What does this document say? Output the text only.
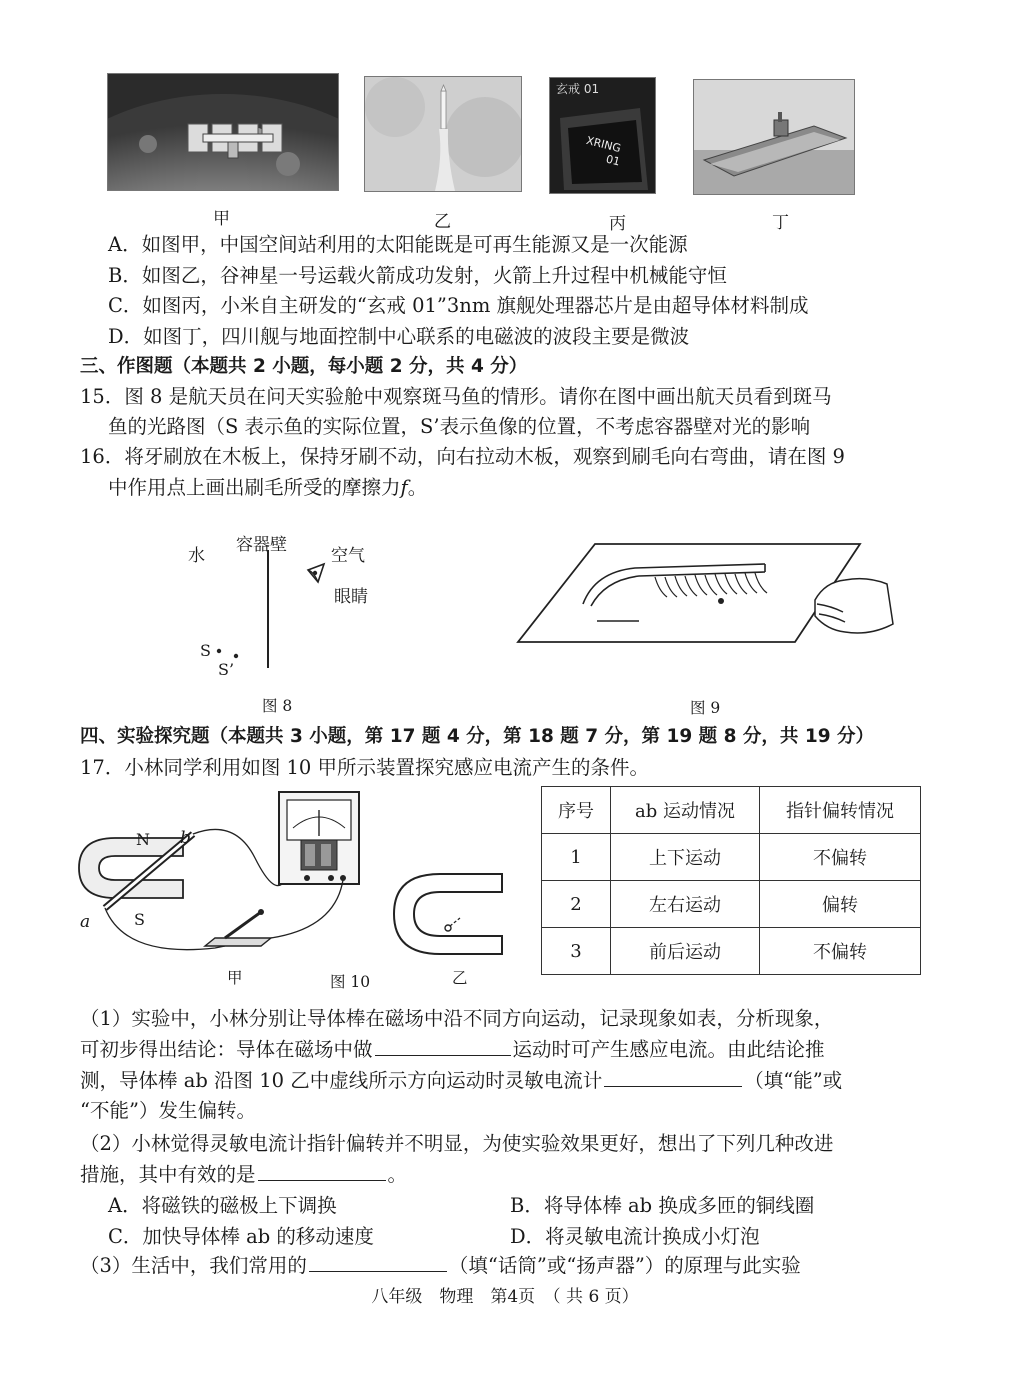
玄戒 01
XRING
01
甲	乙	丙	丁
A．如图甲，中国空间站利用的太阳能既是可再生能源又是一次能源
B．如图乙，谷神星一号运载火箭成功发射，火箭上升过程中机械能守恒
C．如图丙，小米自主研发的“玄戒 01”3nm 旗舰处理器芯片是由超导体材料制成
D．如图丁，四川舰与地面控制中心联系的电磁波的波段主要是微波
三、作图题（本题共 2 小题，每小题 2 分，共 4 分）
15．图 8 是航天员在问天实验舱中观察斑马鱼的情形。请你在图中画出航天员看到斑马
鱼的光路图（S 表示鱼的实际位置，S’表示鱼像的位置，不考虑容器壁对光的影响
16．将牙刷放在木板上，保持牙刷不动，向右拉动木板，观察到刷毛向右弯曲，请在图 9
中作用点上画出刷毛所受的摩擦力f。
水
容器壁
空气
眼睛
S
S’
图 8	图 9
四、实验探究题（本题共 3 小题，第 17 题 4 分，第 18 题 7 分，第 19 题 8 分，共 19 分）
17．小林同学利用如图 10 甲所示装置探究感应电流产生的条件。
N
S
a
b
甲	图 10	乙
序号	ab 运动情况	指针偏转情况
1	上下运动	不偏转
2	左右运动	偏转
3	前后运动	不偏转
（1）实验中，小林分别让导体棒在磁场中沿不同方向运动，记录现象如表，分析现象，
可初步得出结论：导体在磁场中做	运动时可产生感应电流。由此结论推
测，导体棒 ab 沿图 10 乙中虚线所示方向运动时灵敏电流计	（填“能”或
“不能”）发生偏转。
（2）小林觉得灵敏电流计指针偏转并不明显，为使实验效果更好，想出了下列几种改进
措施，其中有效的是	。
A．将磁铁的磁极上下调换	B．将导体棒 ab 换成多匝的铜线圈
C．加快导体棒 ab 的移动速度	D．将灵敏电流计换成小灯泡
（3）生活中，我们常用的	（填“话筒”或“扬声器”）的原理与此实验
八年级　物理　第4页　（ 共 6 页）
